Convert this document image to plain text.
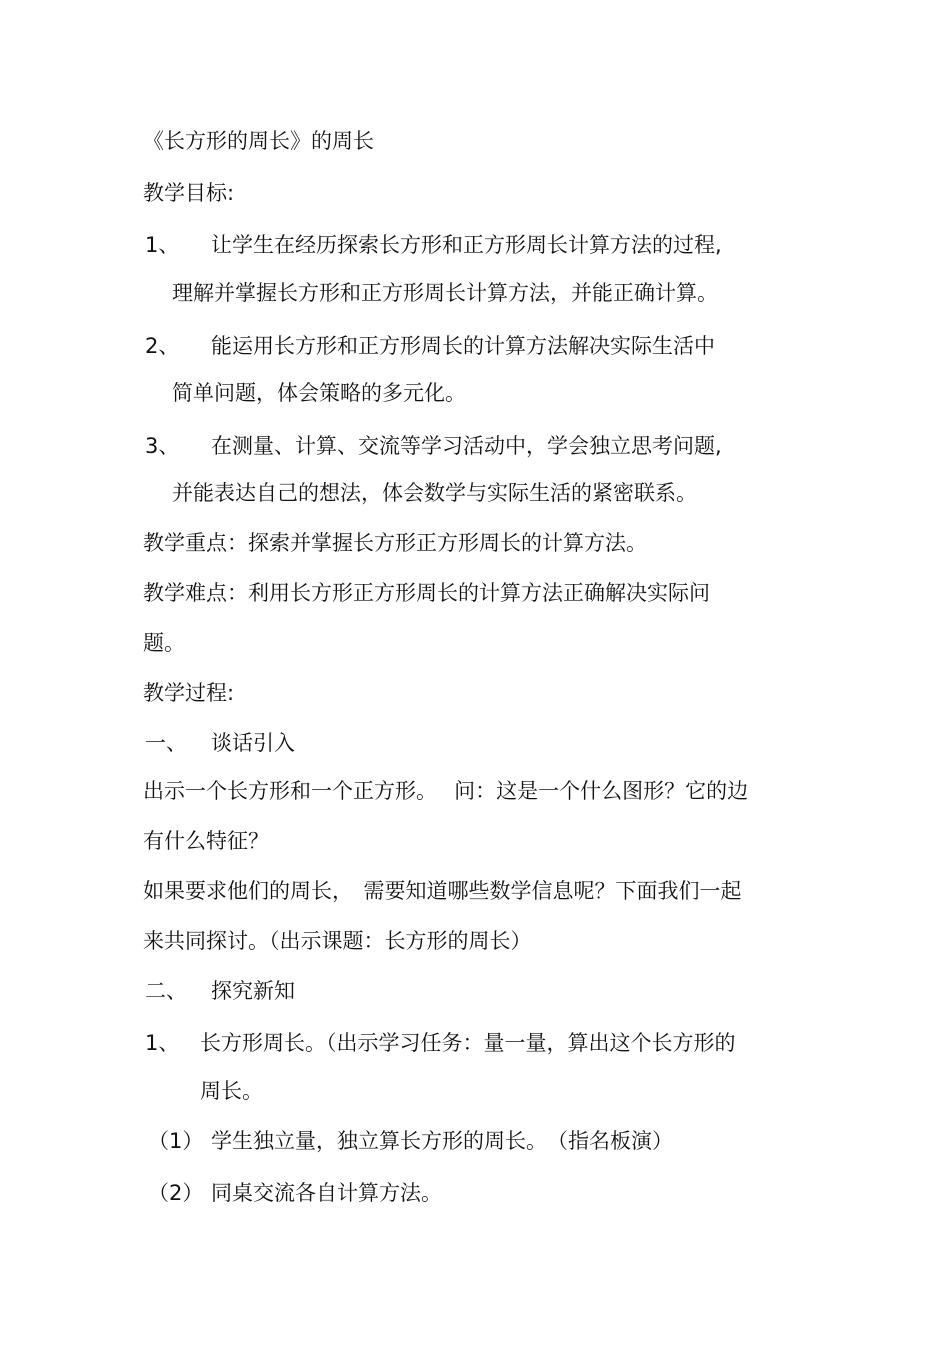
《长方形的周长》的周长
教学目标:
1、 让学生在经历探索长方形和正方形周长计算方法的过程,
理解并掌握长方形和正方形周长计算方法，并能正确计算。
2、 能运用长方形和正方形周长的计算方法解决实际生活中
简单问题，体会策略的多元化。
3、 在测量、计算、交流等学习活动中，学会独立思考问题,
并能表达自己的想法，体会数学与实际生活的紧密联系。
教学重点：探索并掌握长方形正方形周长的计算方法。
教学难点：利用长方形正方形周长的计算方法正确解决实际问
题。
教学过程:
一、 谈话引入
出示一个长方形和一个正方形。　 问：这是一个什么图形？它的边
有什么特征？
如果要求他们的周长，　需要知道哪些数学信息呢？下面我们一起
来共同探讨。（出示课题：长方形的周长）
二、 探究新知
1、 长方形周长。（出示学习任务：量一量，算出这个长方形的
周长。
（1） 学生独立量，独立算长方形的周长。　（指名板演）
（2） 同桌交流各自计算方法。
